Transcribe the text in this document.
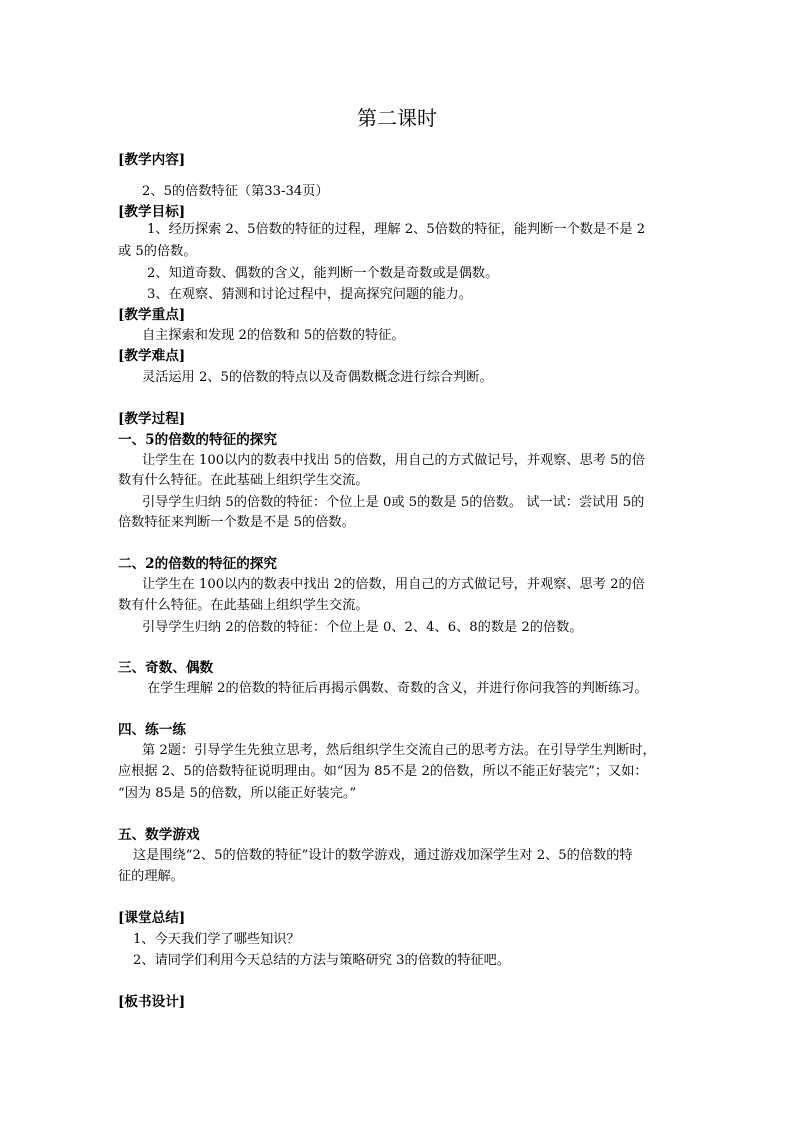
第二课时
[教学内容]
2、5的倍数特征（第33-34页）
[教学目标]
1、经历探索 2、5倍数的特征的过程，理解 2、5倍数的特征，能判断一个数是不是 2
或 5的倍数。
2、知道奇数、偶数的含义，能判断一个数是奇数或是偶数。
3、在观察、猜测和讨论过程中，提高探究问题的能力。
[教学重点]
自主探索和发现 2的倍数和 5的倍数的特征。
[教学难点]
灵活运用 2、5的倍数的特点以及奇偶数概念进行综合判断。
[教学过程]
一、5的倍数的特征的探究
让学生在 100以内的数表中找出 5的倍数，用自己的方式做记号，并观察、思考 5的倍
数有什么特征。在此基础上组织学生交流。
引导学生归纳 5的倍数的特征：个位上是 0或 5的数是 5的倍数。 试一试：尝试用 5的
倍数特征来判断一个数是不是 5的倍数。
二、2的倍数的特征的探究
让学生在 100以内的数表中找出 2的倍数，用自己的方式做记号，并观察、思考 2的倍
数有什么特征。在此基础上组织学生交流。
引导学生归纳 2的倍数的特征：个位上是 0、2、4、6、8的数是 2的倍数。
三、奇数、偶数
在学生理解 2的倍数的特征后再揭示偶数、奇数的含义，并进行你问我答的判断练习。
四、练一练
第 2题：引导学生先独立思考，然后组织学生交流自己的思考方法。在引导学生判断时，
应根据 2、5的倍数特征说明理由。如“因为 85不是 2的倍数，所以不能正好装完”；又如：
“因为 85是 5的倍数，所以能正好装完。”
五、数学游戏
这是围绕“2、5的倍数的特征”设计的数学游戏，通过游戏加深学生对 2、5的倍数的特
征的理解。
[课堂总结]
1、今天我们学了哪些知识？
2、请同学们利用今天总结的方法与策略研究 3的倍数的特征吧。
[板书设计]
